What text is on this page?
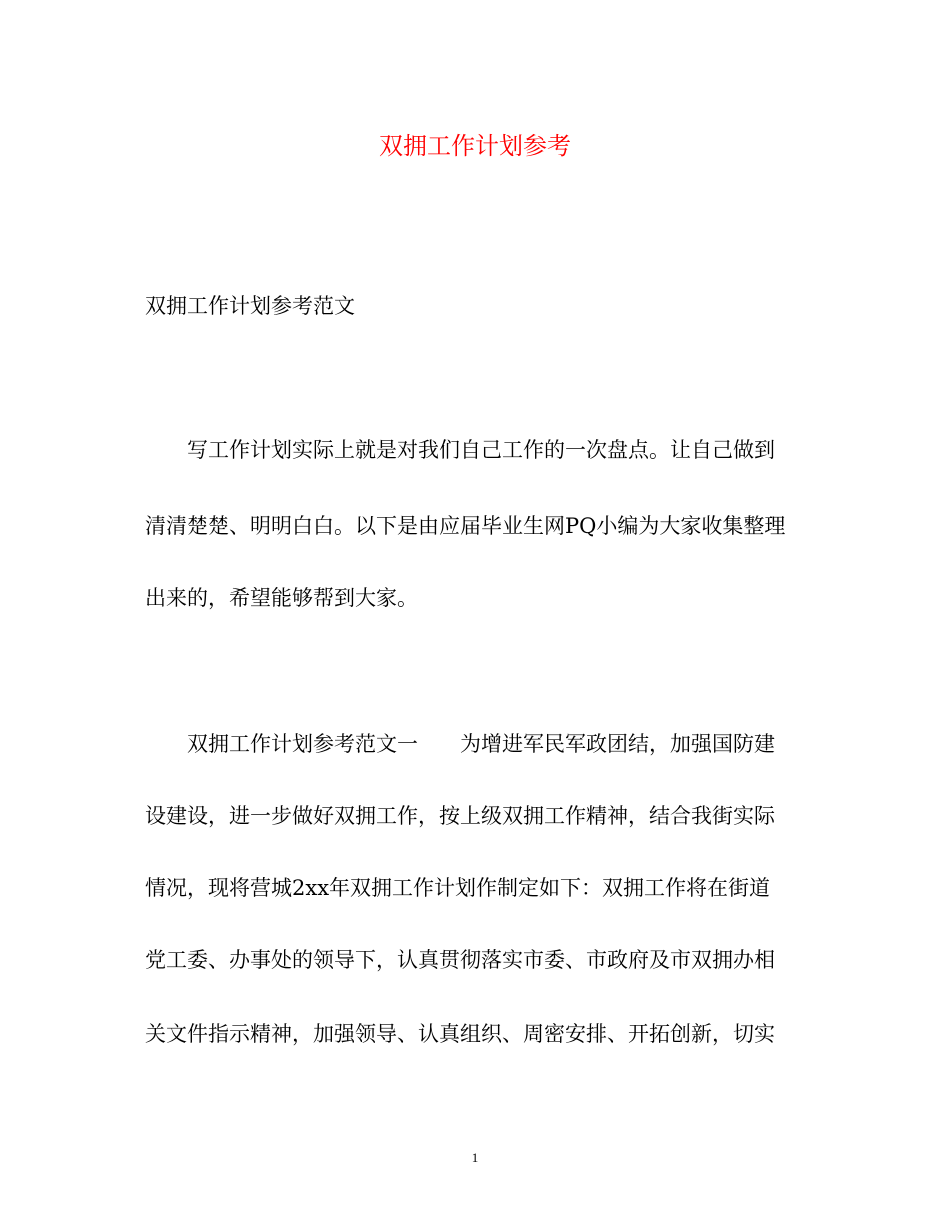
双拥工作计划参考
双拥工作计划参考范文
写工作计划实际上就是对我们自己工作的一次盘点。让自己做到
清清楚楚、明明白白。以下是由应届毕业生网PQ小编为大家收集整理
出来的，希望能够帮到大家。
双拥工作计划参考范文一　　为增进军民军政团结，加强国防建
设建设，进一步做好双拥工作，按上级双拥工作精神，结合我街实际
情况，现将营城2xx年双拥工作计划作制定如下：双拥工作将在街道
党工委、办事处的领导下，认真贯彻落实市委、市政府及市双拥办相
关文件指示精神，加强领导、认真组织、周密安排、开拓创新，切实
1
